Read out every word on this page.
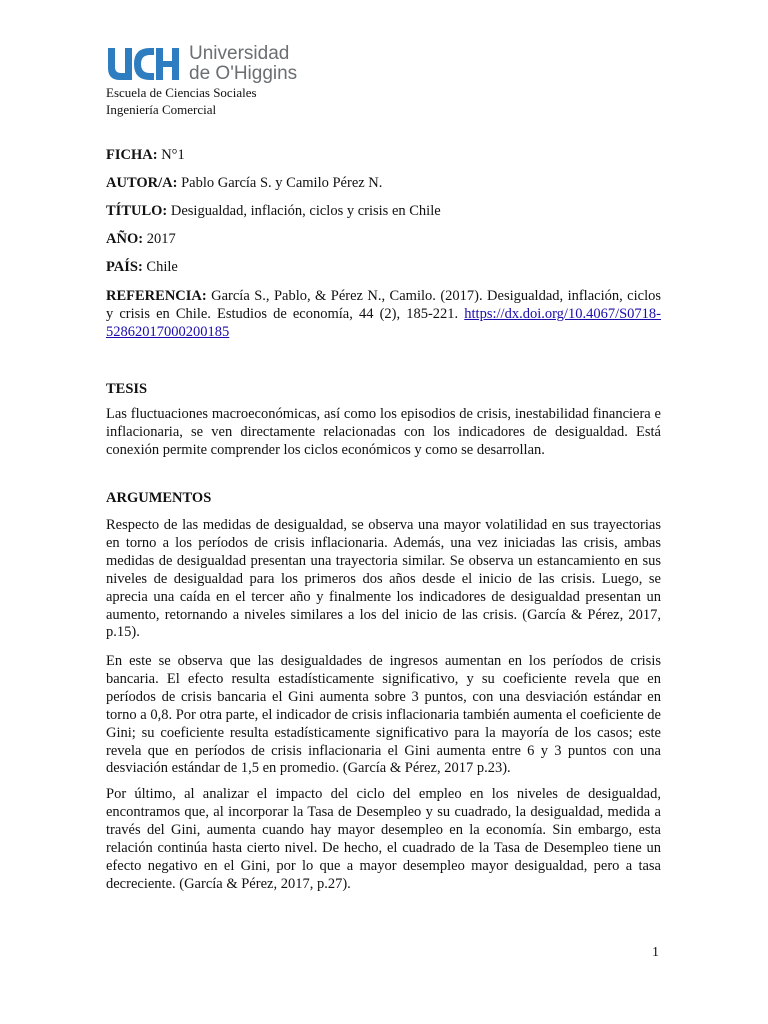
Universidad
de O'Higgins
Escuela de Ciencias Sociales
Ingeniería Comercial
FICHA: N°1
AUTOR/A: Pablo García S. y Camilo Pérez N.
TÍTULO: Desigualdad, inflación, ciclos y crisis en Chile
AÑO: 2017
PAÍS: Chile
REFERENCIA: García S., Pablo, & Pérez N., Camilo. (2017). Desigualdad, inflación, ciclos y crisis en Chile. Estudios de economía, 44 (2), 185-221. https://dx.doi.org/10.4067/S0718-52862017000200185
TESIS
Las fluctuaciones macroeconómicas, así como los episodios de crisis, inestabilidad financiera e inflacionaria, se ven directamente relacionadas con los indicadores de desigualdad. Está conexión permite comprender los ciclos económicos y como se desarrollan.
ARGUMENTOS
Respecto de las medidas de desigualdad, se observa una mayor volatilidad en sus trayectorias en torno a los períodos de crisis inflacionaria. Además, una vez iniciadas las crisis, ambas medidas de desigualdad presentan una trayectoria similar. Se observa un estancamiento en sus niveles de desigualdad para los primeros dos años desde el inicio de las crisis. Luego, se aprecia una caída en el tercer año y finalmente los indicadores de desigualdad presentan un aumento, retornando a niveles similares a los del inicio de las crisis. (García & Pérez, 2017, p.15).
En este se observa que las desigualdades de ingresos aumentan en los períodos de crisis bancaria. El efecto resulta estadísticamente significativo, y su coeficiente revela que en períodos de crisis bancaria el Gini aumenta sobre 3 puntos, con una desviación estándar en torno a 0,8. Por otra parte, el indicador de crisis inflacionaria también aumenta el coeficiente de Gini; su coeficiente resulta estadísticamente significativo para la mayoría de los casos; este revela que en períodos de crisis inflacionaria el Gini aumenta entre 6 y 3 puntos con una desviación estándar de 1,5 en promedio. (García & Pérez, 2017 p.23).
Por último, al analizar el impacto del ciclo del empleo en los niveles de desigualdad, encontramos que, al incorporar la Tasa de Desempleo y su cuadrado, la desigualdad, medida a través del Gini, aumenta cuando hay mayor desempleo en la economía. Sin embargo, esta relación continúa hasta cierto nivel. De hecho, el cuadrado de la Tasa de Desempleo tiene un efecto negativo en el Gini, por lo que a mayor desempleo mayor desigualdad, pero a tasa decreciente. (García & Pérez, 2017, p.27).
1
